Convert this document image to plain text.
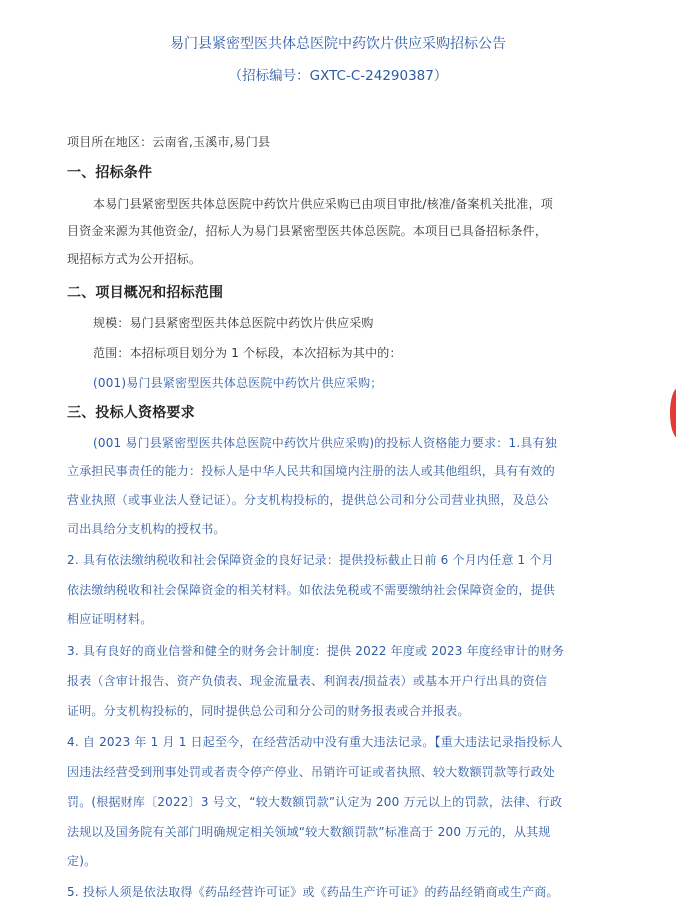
易门县紧密型医共体总医院中药饮片供应采购招标公告
（招标编号：GXTC-C-24290387）
项目所在地区：云南省,玉溪市,易门县
一、招标条件
本易门县紧密型医共体总医院中药饮片供应采购已由项目审批/核准/备案机关批准，项
目资金来源为其他资金/，招标人为易门县紧密型医共体总医院。本项目已具备招标条件，
现招标方式为公开招标。
二、项目概况和招标范围
规模：易门县紧密型医共体总医院中药饮片供应采购
范围：本招标项目划分为 1 个标段，本次招标为其中的：
(001)易门县紧密型医共体总医院中药饮片供应采购；
三、投标人资格要求
(001 易门县紧密型医共体总医院中药饮片供应采购)的投标人资格能力要求：1.具有独
立承担民事责任的能力：投标人是中华人民共和国境内注册的法人或其他组织，具有有效的
营业执照（或事业法人登记证）。分支机构投标的，提供总公司和分公司营业执照，及总公
司出具给分支机构的授权书。
2. 具有依法缴纳税收和社会保障资金的良好记录：提供投标截止日前 6 个月内任意 1 个月
依法缴纳税收和社会保障资金的相关材料。如依法免税或不需要缴纳社会保障资金的，提供
相应证明材料。
3. 具有良好的商业信誉和健全的财务会计制度：提供 2022 年度或 2023 年度经审计的财务
报表（含审计报告、资产负债表、现金流量表、利润表/损益表）或基本开户行出具的资信
证明。分支机构投标的，同时提供总公司和分公司的财务报表或合并报表。
4. 自 2023 年 1 月 1 日起至今，在经营活动中没有重大违法记录。【重大违法记录指投标人
因违法经营受到刑事处罚或者责令停产停业、吊销许可证或者执照、较大数额罚款等行政处
罚。(根据财库〔2022〕3 号文，“较大数额罚款”认定为 200 万元以上的罚款，法律、行政
法规以及国务院有关部门明确规定相关领域“较大数额罚款”标准高于 200 万元的，从其规
定)。
5. 投标人须是依法取得《药品经营许可证》或《药品生产许可证》的药品经销商或生产商。
